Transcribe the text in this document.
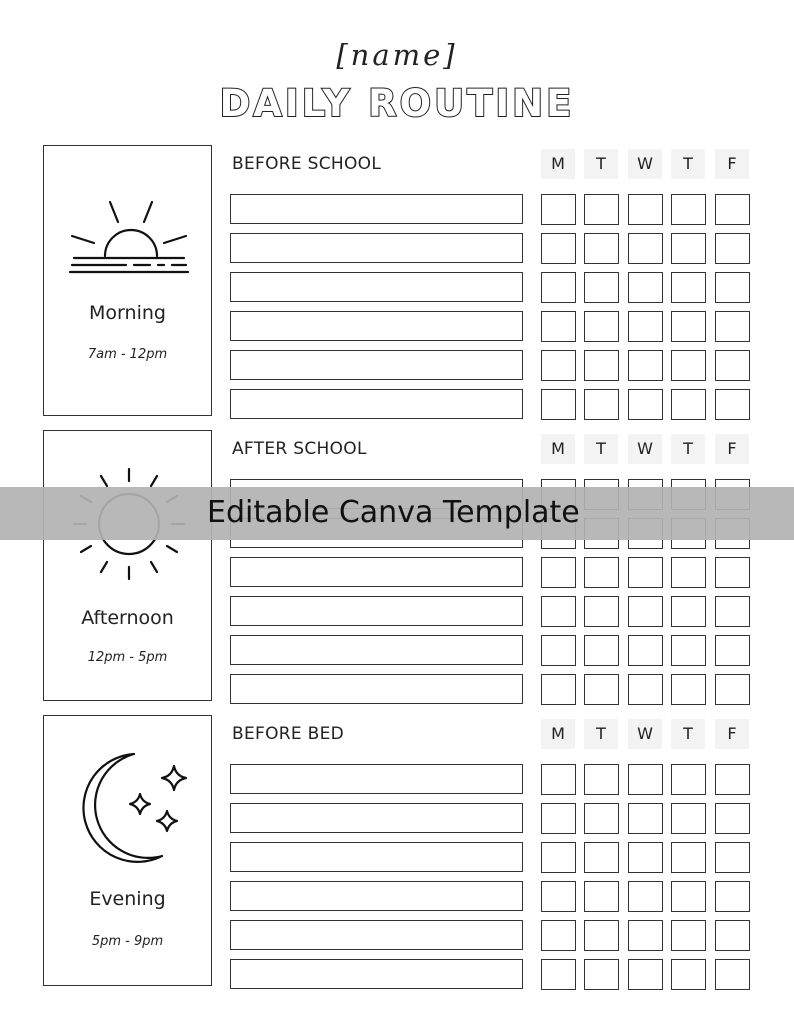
[name]
DAILY ROUTINE
Morning
7am - 12pm
BEFORE SCHOOL	M	T	W	T	F
Afternoon
12pm - 5pm
AFTER SCHOOL	M	T	W	T	F
Evening
5pm - 9pm
BEFORE BED	M	T	W	T	F
Editable Canva Template
